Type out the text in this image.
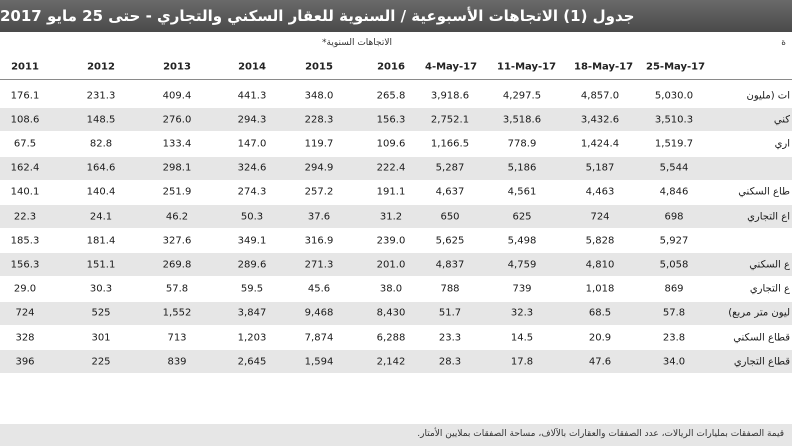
جدول (1) الاتجاهات الأسبوعية / السنوية للعقار السكني والتجاري - حتى 25 مايو 2017
الاتجاهات السنوية*	ة
2011	2012	2013	2014	2015	2016	4-May-17 11-May-17 18-May-17 25-May-17
176.1	231.3	409.4	441.3	348.0	265.8	3,918.6	4,297.5	4,857.0	5,030.0	ات (مليون
108.6	148.5	276.0	294.3	228.3	156.3	2,752.1	3,518.6	3,432.6	3,510.3	كني
67.5	82.8	133.4	147.0	119.7	109.6	1,166.5	778.9	1,424.4	1,519.7	اري
162.4	164.6	298.1	324.6	294.9	222.4	5,287	5,186	5,187	5,544
140.1	140.4	251.9	274.3	257.2	191.1	4,637	4,561	4,463	4,846	طاع السكني
22.3	24.1	46.2	50.3	37.6	31.2	650	625	724	698	اع التجاري
185.3	181.4	327.6	349.1	316.9	239.0	5,625	5,498	5,828	5,927
156.3	151.1	269.8	289.6	271.3	201.0	4,837	4,759	4,810	5,058	ع السكني
29.0	30.3	57.8	59.5	45.6	38.0	788	739	1,018	869	ع التجاري
724	525	1,552	3,847	9,468	8,430	51.7	32.3	68.5	57.8	ليون متر مربع)
328	301	713	1,203	7,874	6,288	23.3	14.5	20.9	23.8	قطاع السكني
396	225	839	2,645	1,594	2,142	28.3	17.8	47.6	34.0	قطاع التجاري
قيمة الصفقات بمليارات الريالات، عدد الصفقات والعقارات بالآلاف، مساحة الصفقات بملايين الأمتار.
